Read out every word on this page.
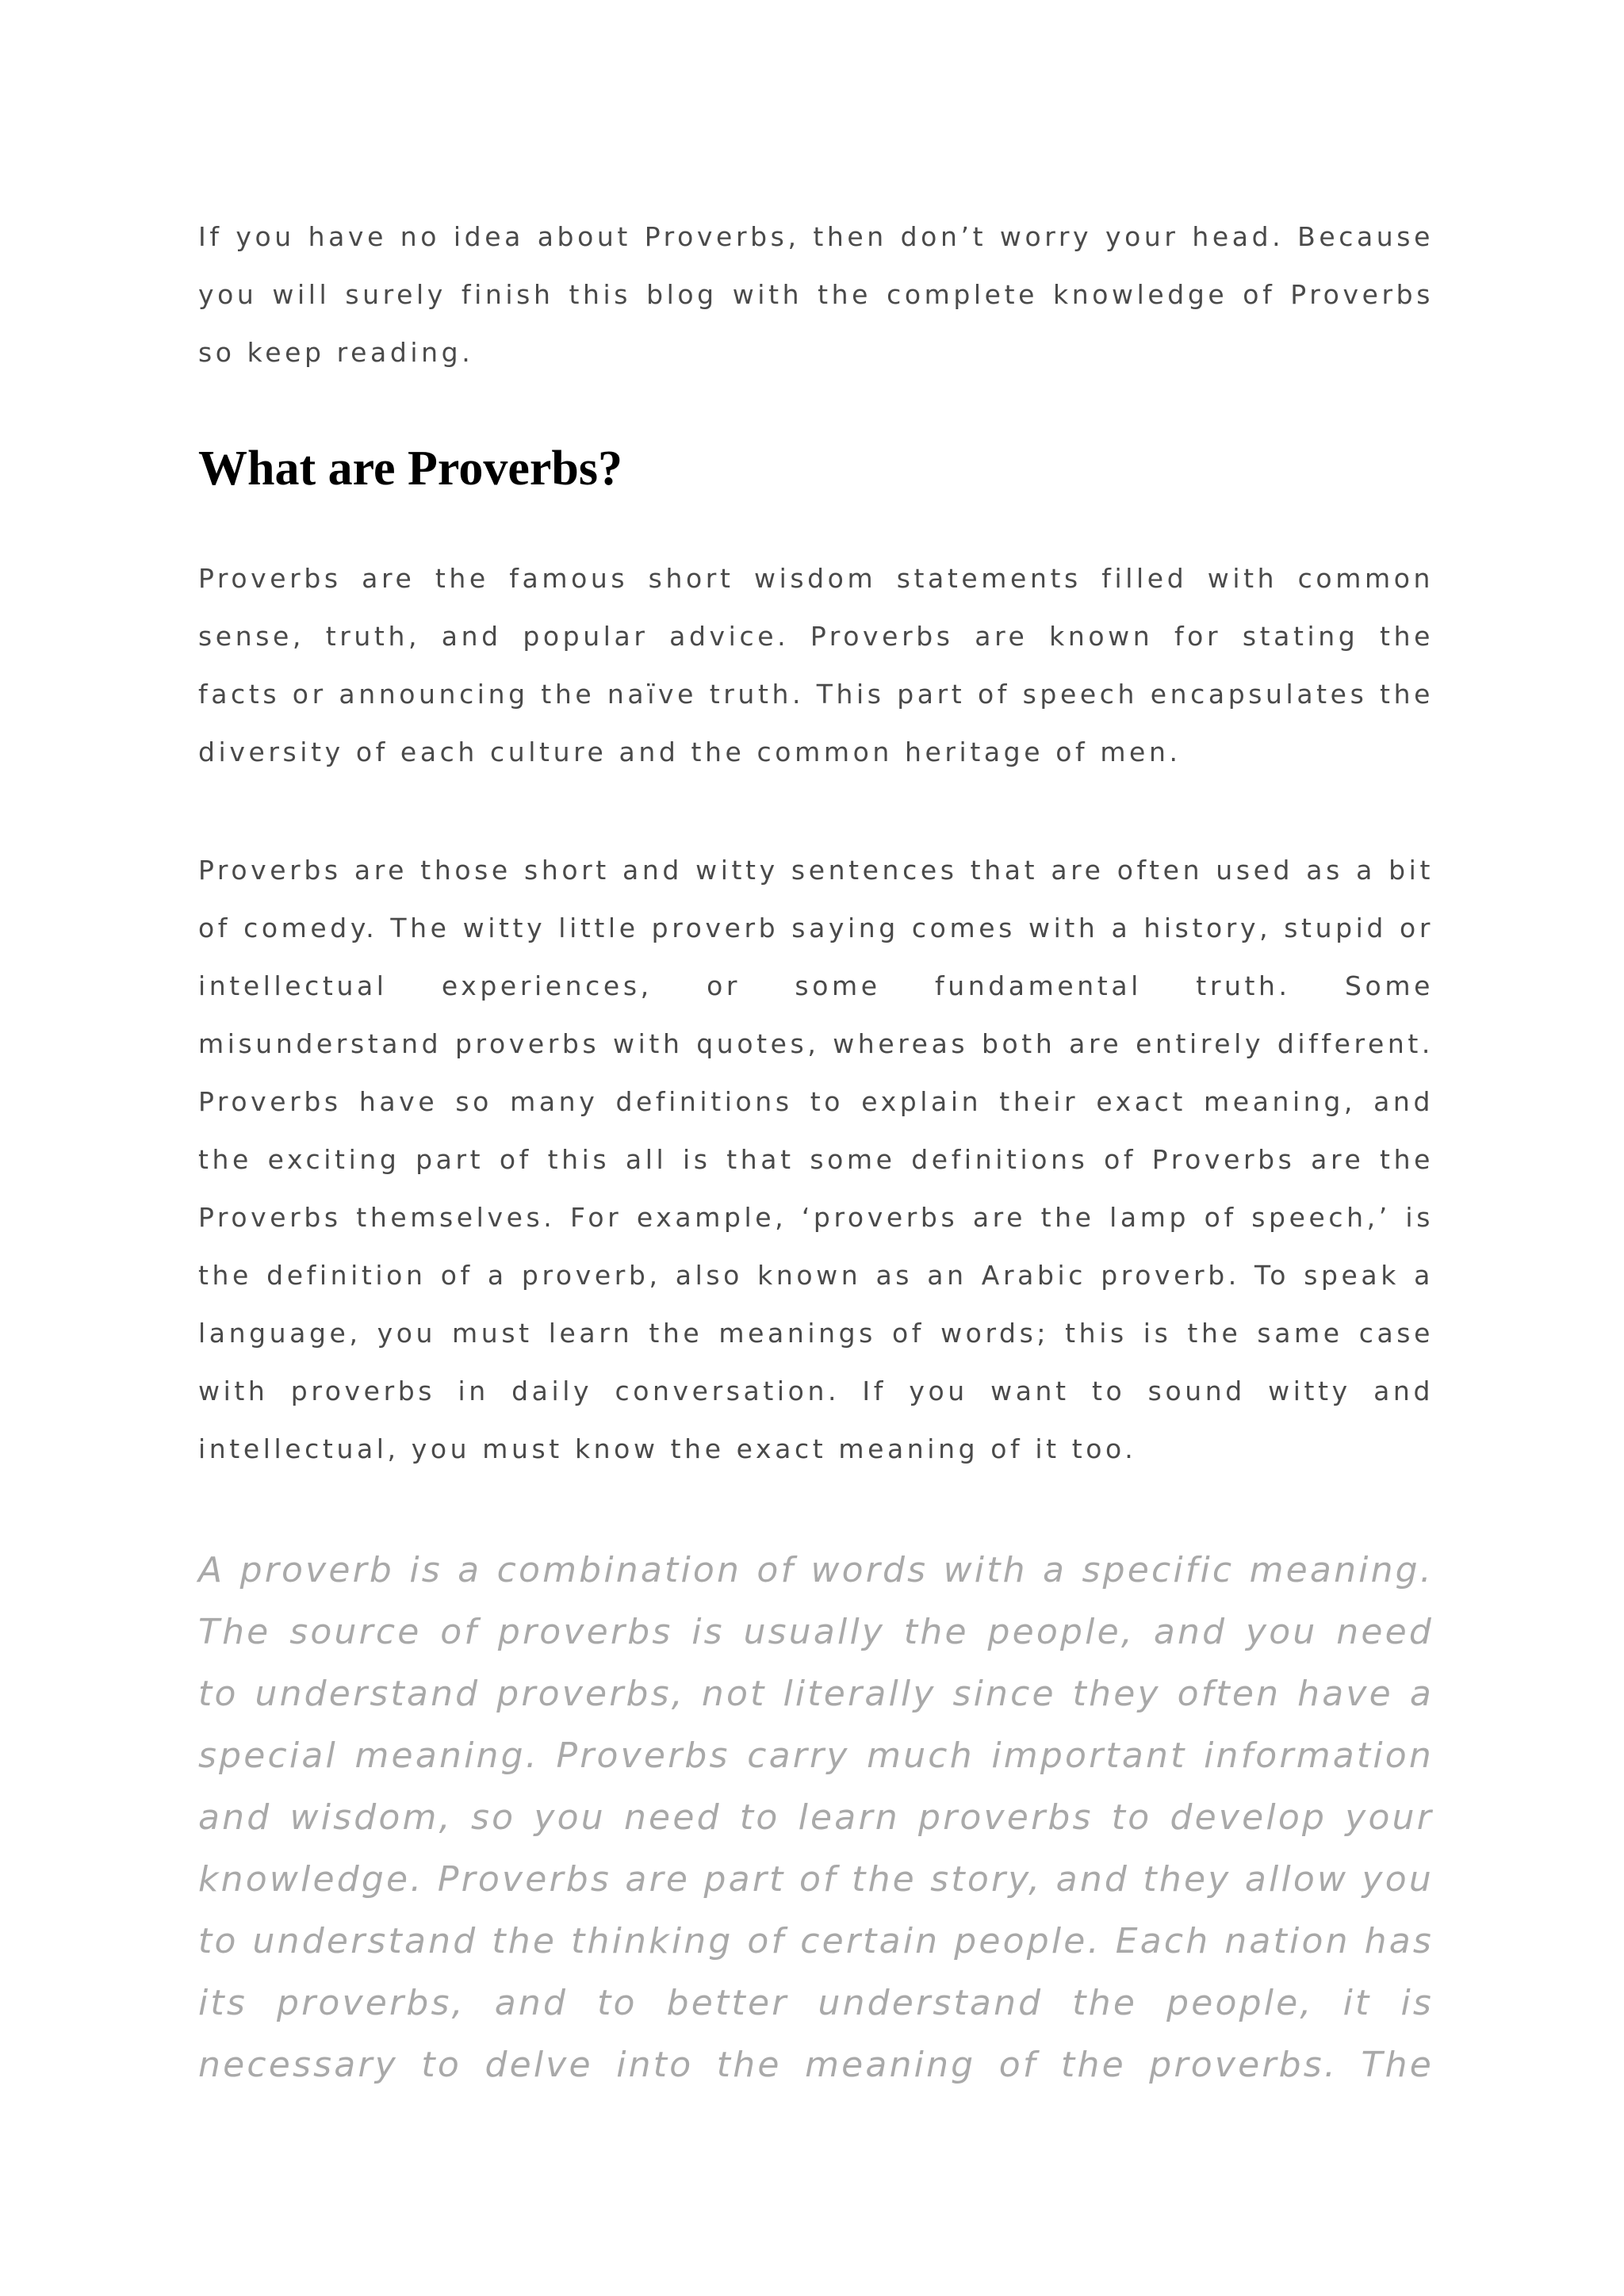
If you have no idea about Proverbs, then don’t worry your head. Because you will surely finish this blog with the complete knowledge of Proverbs so keep reading.

What are Proverbs?

Proverbs are the famous short wisdom statements filled with common sense, truth, and popular advice. Proverbs are known for stating the facts or announcing the naïve truth. This part of speech encapsulates the diversity of each culture and the common heritage of men.

Proverbs are those short and witty sentences that are often used as a bit of comedy. The witty little proverb saying comes with a history, stupid or intellectual experiences, or some fundamental truth. Some misunderstand proverbs with quotes, whereas both are entirely different. Proverbs have so many definitions to explain their exact meaning, and the exciting part of this all is that some definitions of Proverbs are the Proverbs themselves. For example, ‘proverbs are the lamp of speech,’ is the definition of a proverb, also known as an Arabic proverb. To speak a language, you must learn the meanings of words; this is the same case with proverbs in daily conversation. If you want to sound witty and intellectual, you must know the exact meaning of it too.

A proverb is a combination of words with a specific meaning. The source of proverbs is usually the people, and you need to understand proverbs, not literally since they often have a special meaning. Proverbs carry much important information and wisdom, so you need to learn proverbs to develop your knowledge. Proverbs are part of the story, and they allow you to understand the thinking of certain people. Each nation has its proverbs, and to better understand the people, it is necessary to delve into the meaning of the proverbs. The
